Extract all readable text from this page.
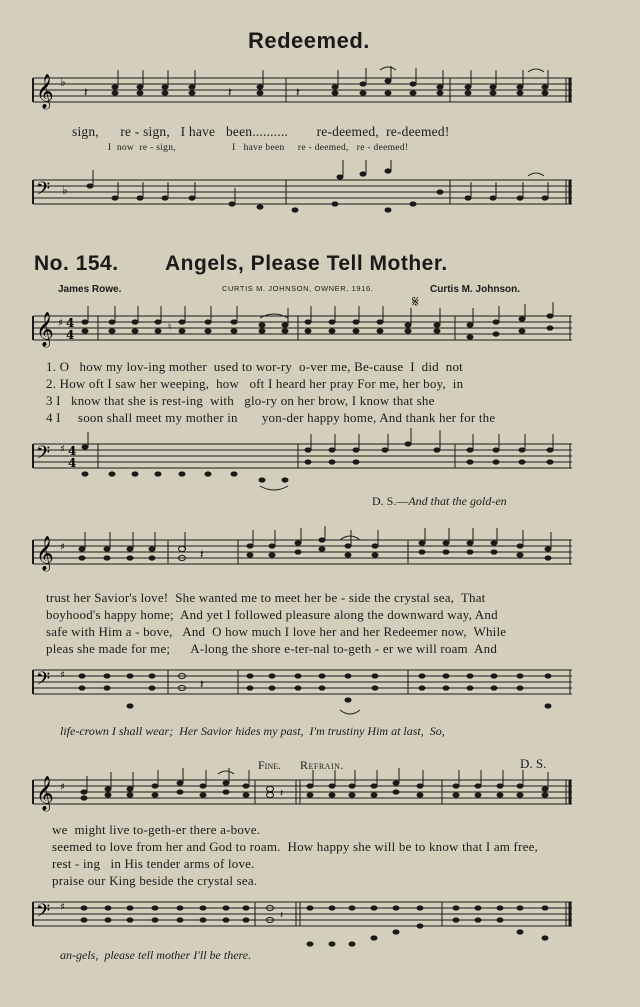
Redeemed.
𝄞 ♭
𝄽	𝄽	𝄽
sign,      re - sign,   I have   been..........        re-deemed,  re-deemed!
I  now  re - sign,                     I   have been     re - deemed,   re - deemed!
𝄢 ♭
No. 154. Angels, Please Tell Mother.
James Rowe.	CURTIS M. JOHNSON, OWNER, 1916.	Curtis M. Johnson.
𝄋
𝄞 ♯ 4
4
♮
1. O   how my lov-ing mother  used to wor-ry  o-ver me, Be-cause  I  did  not
2. How oft I saw her weeping,  how   oft I heard her pray For me, her boy,  in
3 I   know that she is rest-ing  with   glo-ry on her brow, I know that she
4 I     soon shall meet my mother in       yon-der happy home, And thank her for the
𝄢 ♯ 4
4
D. S.—And that the gold-en
𝄞 ♯	𝄽
trust her Savior's love!  She wanted me to meet her be - side the crystal sea,  That
boyhood's happy home;  And yet I followed pleasure along the downward way, And
safe with Him a - bove,   And  O how much I love her and her Redeemer now,  While
pleas she made for me;      A-long the shore e-ter-nal to-geth - er we will roam  And
𝄢 ♯
𝄽
life-crown I shall wear;  Her Savior hides my past,  I'm trustiny Him at last,  So,
Fine. Refrain.	D. S.
𝄞 ♯
𝄽
we  might live to-geth-er there a-bove.
seemed to love from her and God to roam.  How happy she will be to know that I am free,
rest - ing   in His tender arms of love.
praise our King beside the crystal sea.
𝄢 ♯
𝄽
an-gels,  please tell mother I'll be there.
